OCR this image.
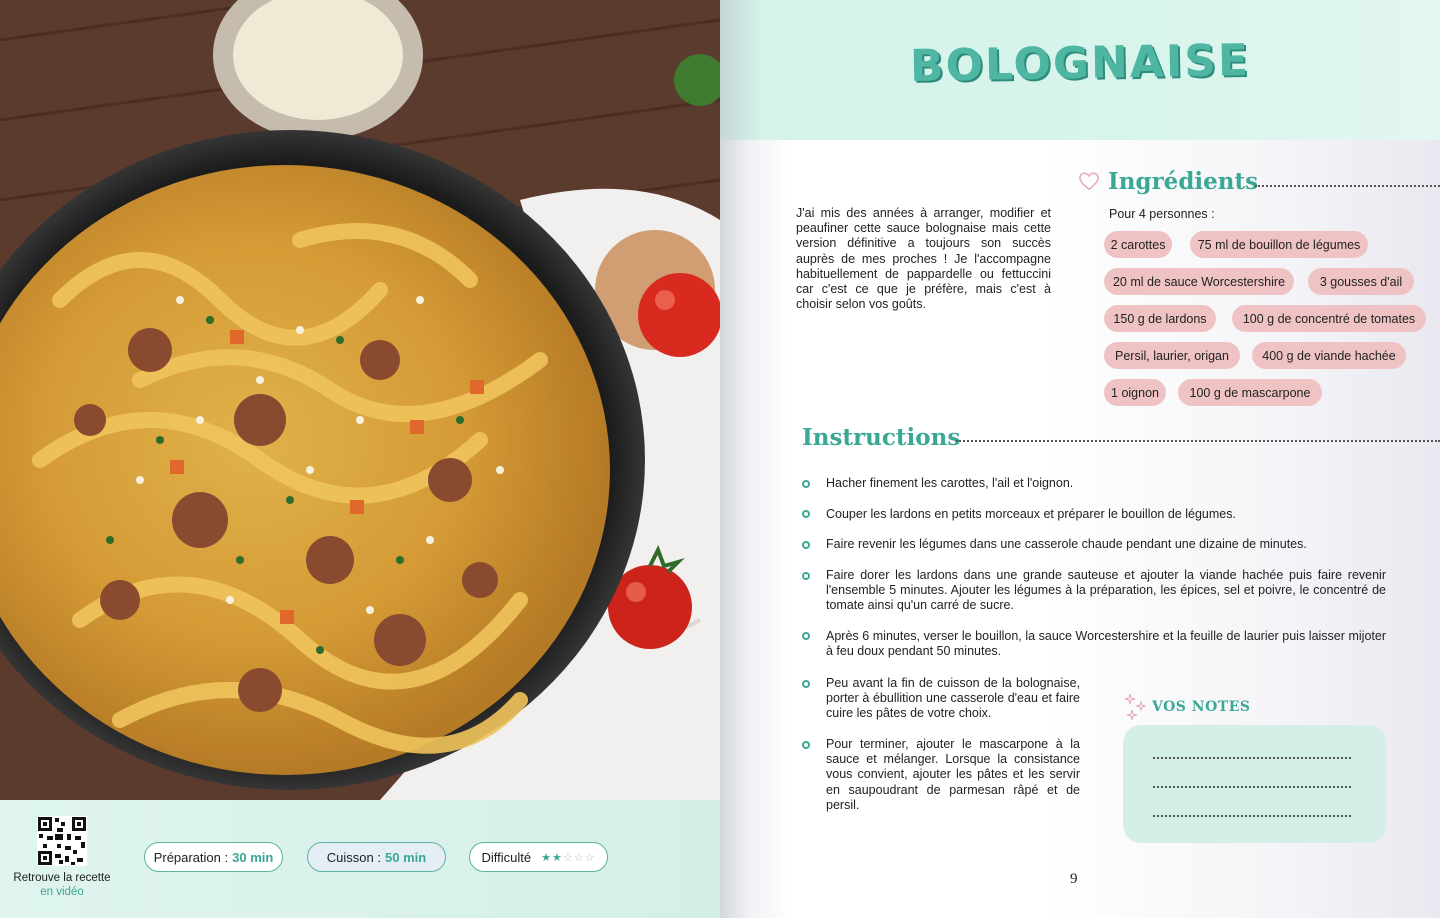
Retrouve la recette
en vidéo
Préparation : 30 min	Cuisson : 50 min	Difficulté ★★☆☆☆
BOLOGNAISE

J'ai mis des années à arranger, modifier et peaufiner cette sauce bolognaise mais cette version définitive a toujours son succès auprès de mes proches ! Je l'accompagne habituellement de pappardelle ou fettuccini car c'est ce que je préfère, mais c'est à choisir selon vos goûts.

Ingrédients
Pour 4 personnes :
2 carottes	75 ml de bouillon de légumes
20 ml de sauce Worcestershire	3 gousses d'ail
150 g de lardons	100 g de concentré de tomates
Persil, laurier, origan	400 g de viande hachée
1 oignon	100 g de mascarpone
Instructions

Hacher finement les carottes, l'ail et l'oignon.

Couper les lardons en petits morceaux et préparer le bouillon de légumes.

Faire revenir les légumes dans une casserole chaude pendant une dizaine de minutes.

Faire dorer les lardons dans une grande sauteuse et ajouter la viande hachée puis faire revenir l'ensemble 5 minutes. Ajouter les légumes à la préparation, les épices, sel et poivre, le concentré de tomate ainsi qu'un carré de sucre.

Après 6 minutes, verser le bouillon, la sauce Worcestershire et la feuille de laurier puis laisser mijoter à feu doux pendant 50 minutes.

Peu avant la fin de cuisson de la bolognaise, porter à ébullition une casserole d'eau et faire cuire les pâtes de votre choix.

Pour terminer, ajouter le mascarpone à la sauce et mélanger. Lorsque la consistance vous convient, ajouter les pâtes et les servir en saupoudrant de parmesan râpé et de persil.

VOS NOTES
9
